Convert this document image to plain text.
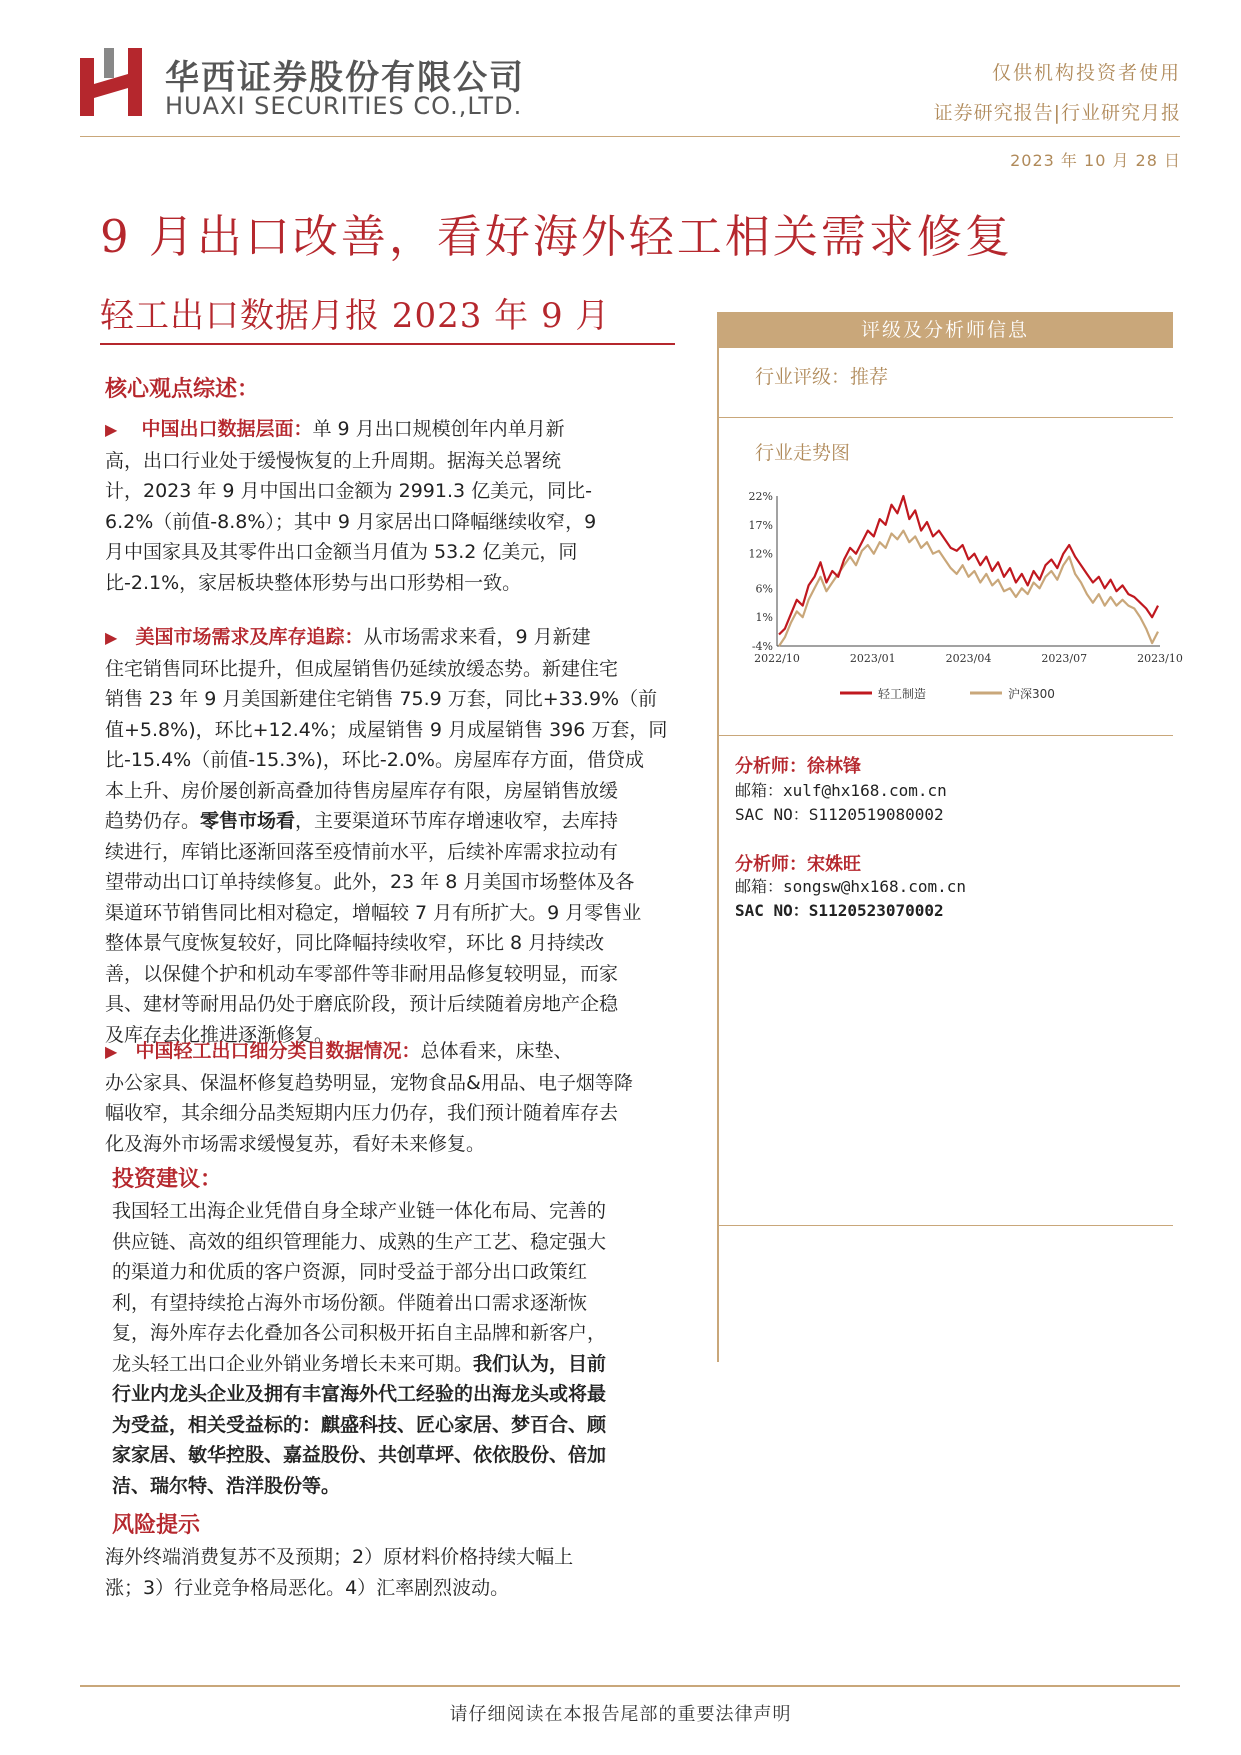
华西证券股份有限公司
HUAXI SECURITIES CO.,LTD.
仅供机构投资者使用
证券研究报告|行业研究月报
2023 年 10 月 28 日
9 月出口改善，看好海外轻工相关需求修复
轻工出口数据月报 2023 年 9 月
核心观点综述：
▶ 中国出口数据层面：单 9 月出口规模创年内单月新
高，出口行业处于缓慢恢复的上升周期。据海关总署统
计，2023 年 9 月中国出口金额为 2991.3 亿美元，同比-
6.2%（前值-8.8%）；其中 9 月家居出口降幅继续收窄，9
月中国家具及其零件出口金额当月值为 53.2 亿美元，同
比-2.1%，家居板块整体形势与出口形势相一致。
▶ 美国市场需求及库存追踪：从市场需求来看，9 月新建
住宅销售同环比提升，但成屋销售仍延续放缓态势。新建住宅
销售 23 年 9 月美国新建住宅销售 75.9 万套，同比+33.9%（前
值+5.8%)，环比+12.4%；成屋销售 9 月成屋销售 396 万套，同
比-15.4%（前值-15.3%)，环比-2.0%。房屋库存方面，借贷成
本上升、房价屡创新高叠加待售房屋库存有限，房屋销售放缓
趋势仍存。零售市场看，主要渠道环节库存增速收窄，去库持
续进行，库销比逐渐回落至疫情前水平，后续补库需求拉动有
望带动出口订单持续修复。此外，23 年 8 月美国市场整体及各
渠道环节销售同比相对稳定，增幅较 7 月有所扩大。9 月零售业
整体景气度恢复较好，同比降幅持续收窄，环比 8 月持续改
善，以保健个护和机动车零部件等非耐用品修复较明显，而家
具、建材等耐用品仍处于磨底阶段，预计后续随着房地产企稳
及库存去化推进逐渐修复。
▶ 中国轻工出口细分类目数据情况：总体看来，床垫、
办公家具、保温杯修复趋势明显，宠物食品&用品、电子烟等降
幅收窄，其余细分品类短期内压力仍存，我们预计随着库存去
化及海外市场需求缓慢复苏，看好未来修复。
投资建议：
我国轻工出海企业凭借自身全球产业链一体化布局、完善的
供应链、高效的组织管理能力、成熟的生产工艺、稳定强大
的渠道力和优质的客户资源，同时受益于部分出口政策红
利，有望持续抢占海外市场份额。伴随着出口需求逐渐恢
复，海外库存去化叠加各公司积极开拓自主品牌和新客户，
龙头轻工出口企业外销业务增长未来可期。我们认为，目前
行业内龙头企业及拥有丰富海外代工经验的出海龙头或将最
为受益，相关受益标的：麒盛科技、匠心家居、梦百合、顾
家家居、敏华控股、嘉益股份、共创草坪、依依股份、倍加
洁、瑞尔特、浩洋股份等。
风险提示
海外终端消费复苏不及预期；2）原材料价格持续大幅上
涨；3）行业竞争格局恶化。4）汇率剧烈波动。
评级及分析师信息
行业评级：推荐
行业走势图
22%
17%
12%
6%
1%
-4%
2022/10	2023/01	2023/04	2023/07	2023/10
轻工制造	沪深300
分析师：徐林锋
邮箱：xulf@hx168.com.cn
SAC NO：S1120519080002
分析师：宋姝旺
邮箱：songsw@hx168.com.cn
SAC NO：S1120523070002
请仔细阅读在本报告尾部的重要法律声明
